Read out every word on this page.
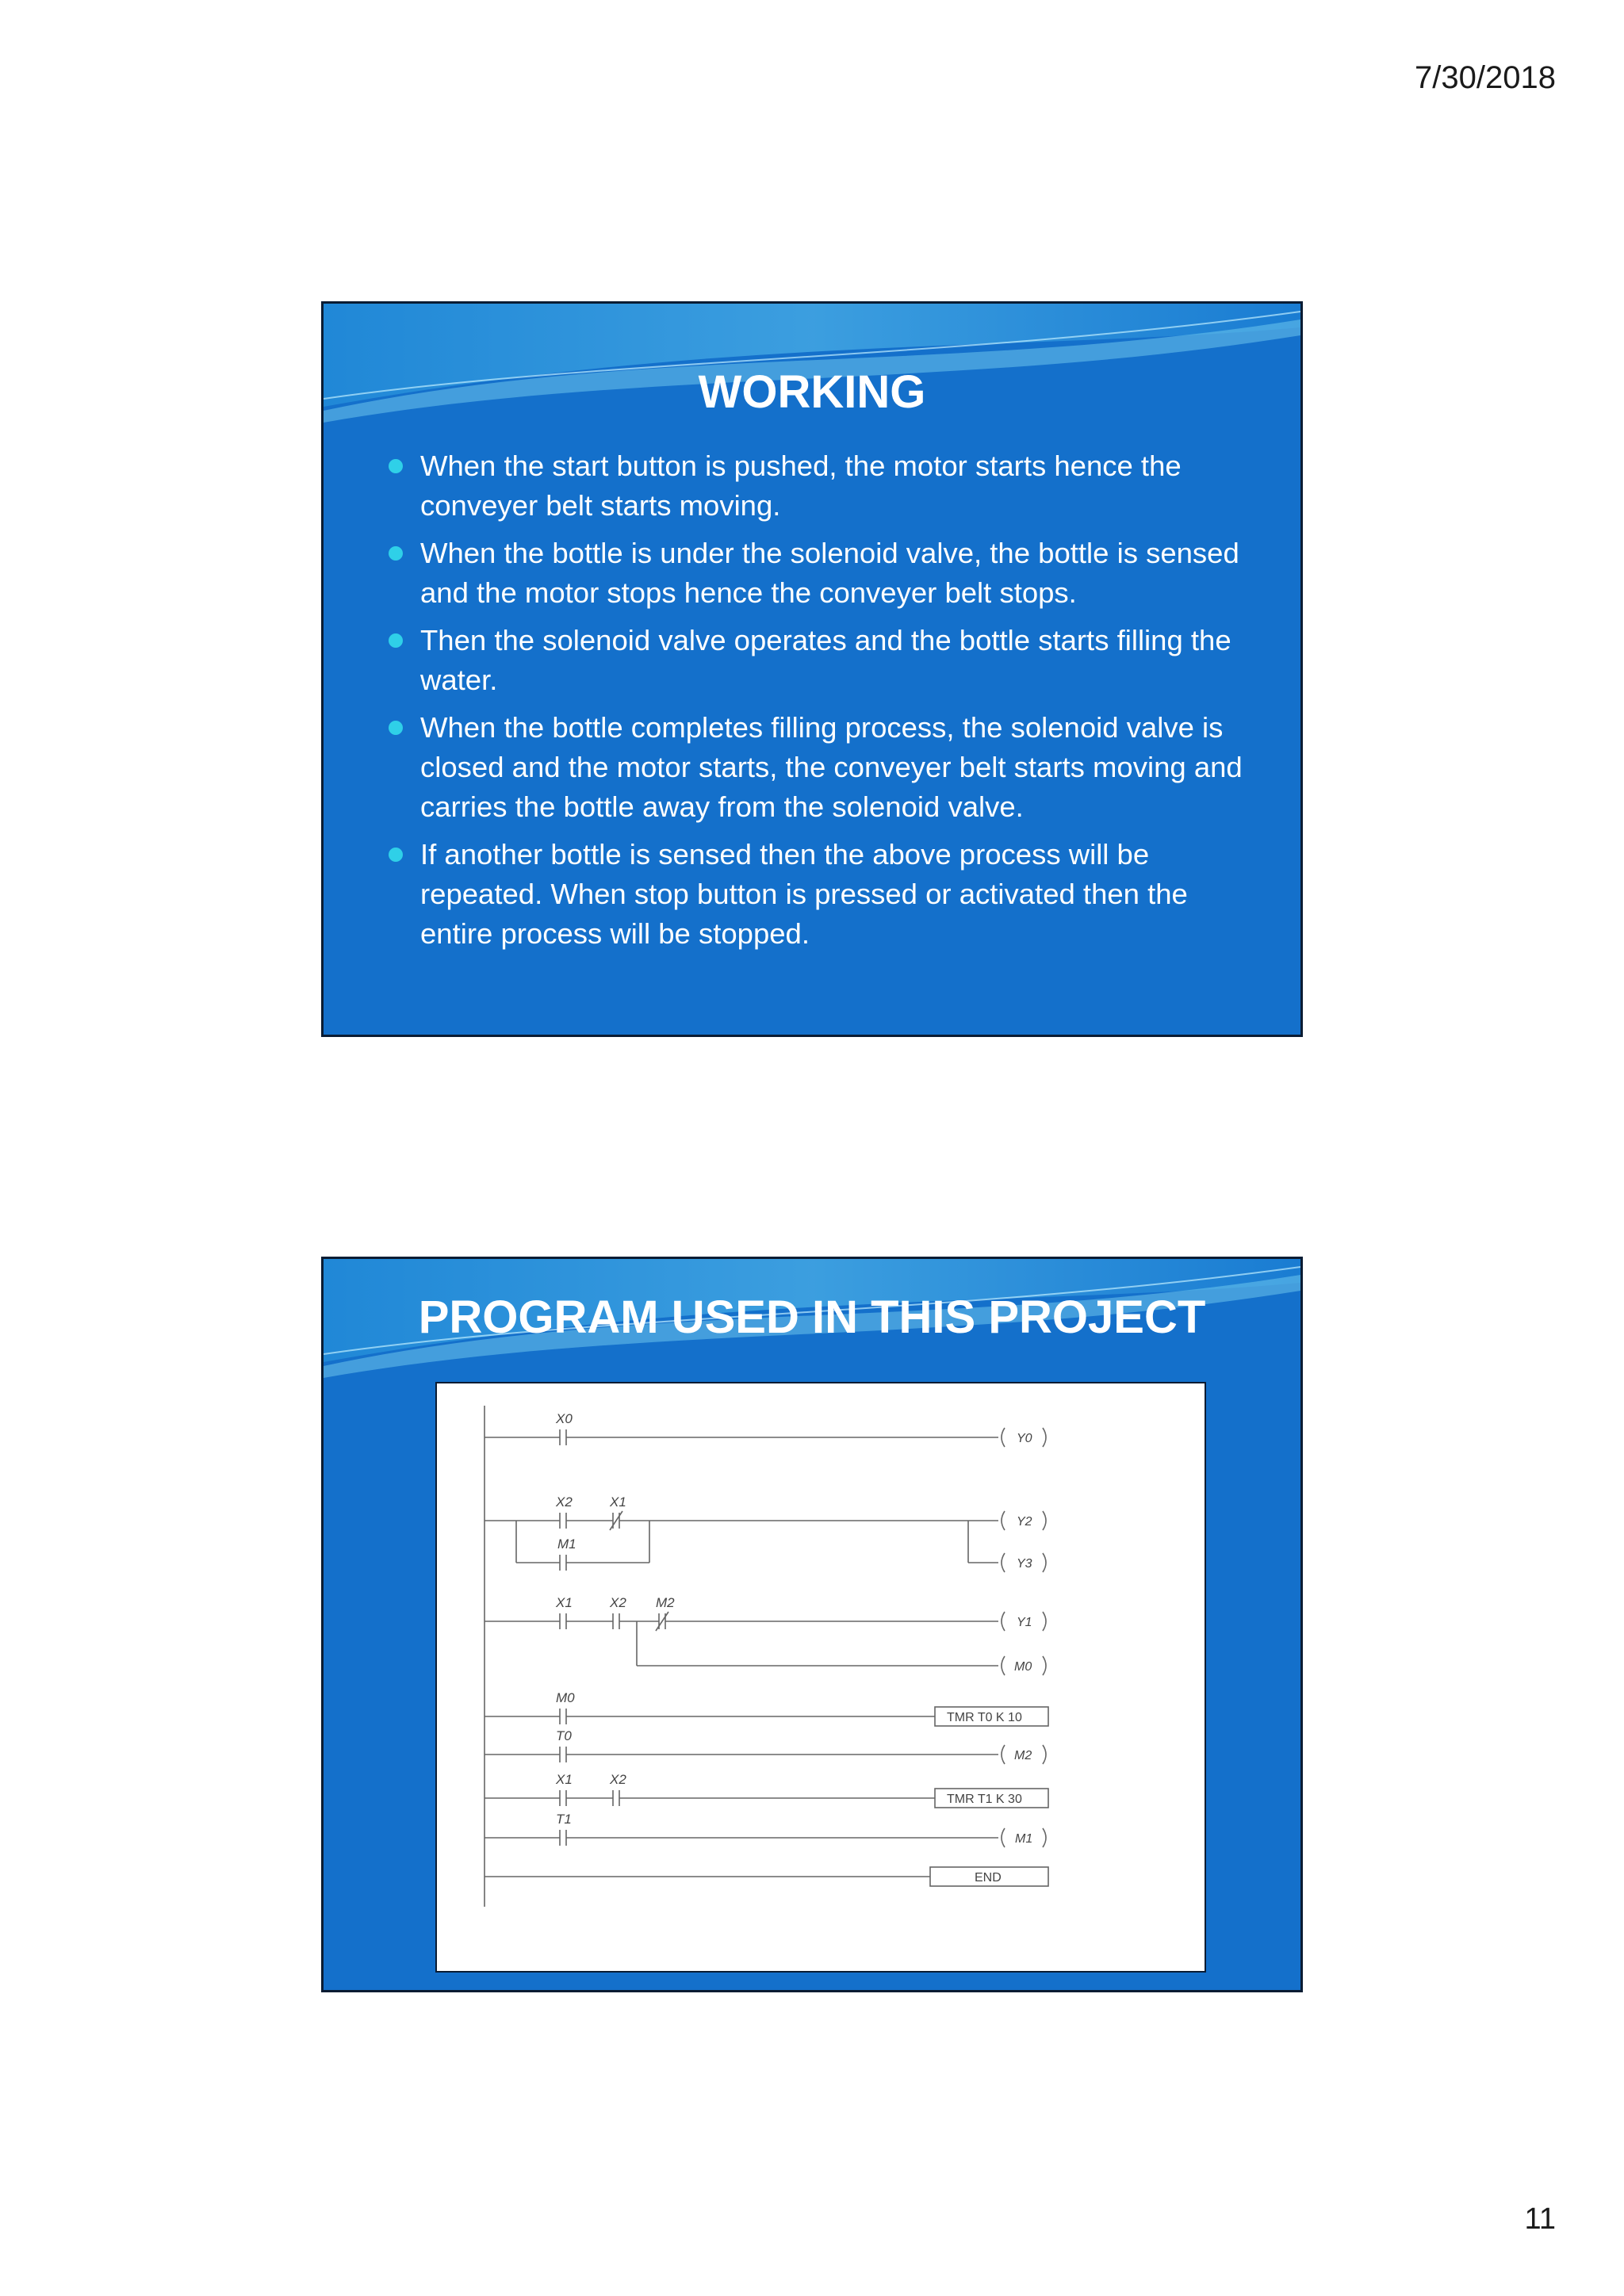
7/30/2018
WORKING
When the start button is pushed, the motor starts hence the conveyer belt starts moving.
When the bottle is under the solenoid valve, the bottle is sensed and the motor stops hence the conveyer belt stops.
Then the solenoid valve operates and the bottle starts filling the water.
When the bottle completes filling process, the solenoid valve is closed and the motor starts, the conveyer belt starts moving and carries the bottle away from the solenoid valve.
If another bottle is sensed then the above process will be repeated. When stop button is pressed or activated then the entire process will be stopped.
PROGRAM USED IN THIS PROJECT
X0
Y0
X2	X1
M1
Y2
Y3
X1	X2 M2
Y1
M0
M0
TMR T0 K 10
T0
M2
X1	X2
TMR T1 K 30
T1
M1
END
11
